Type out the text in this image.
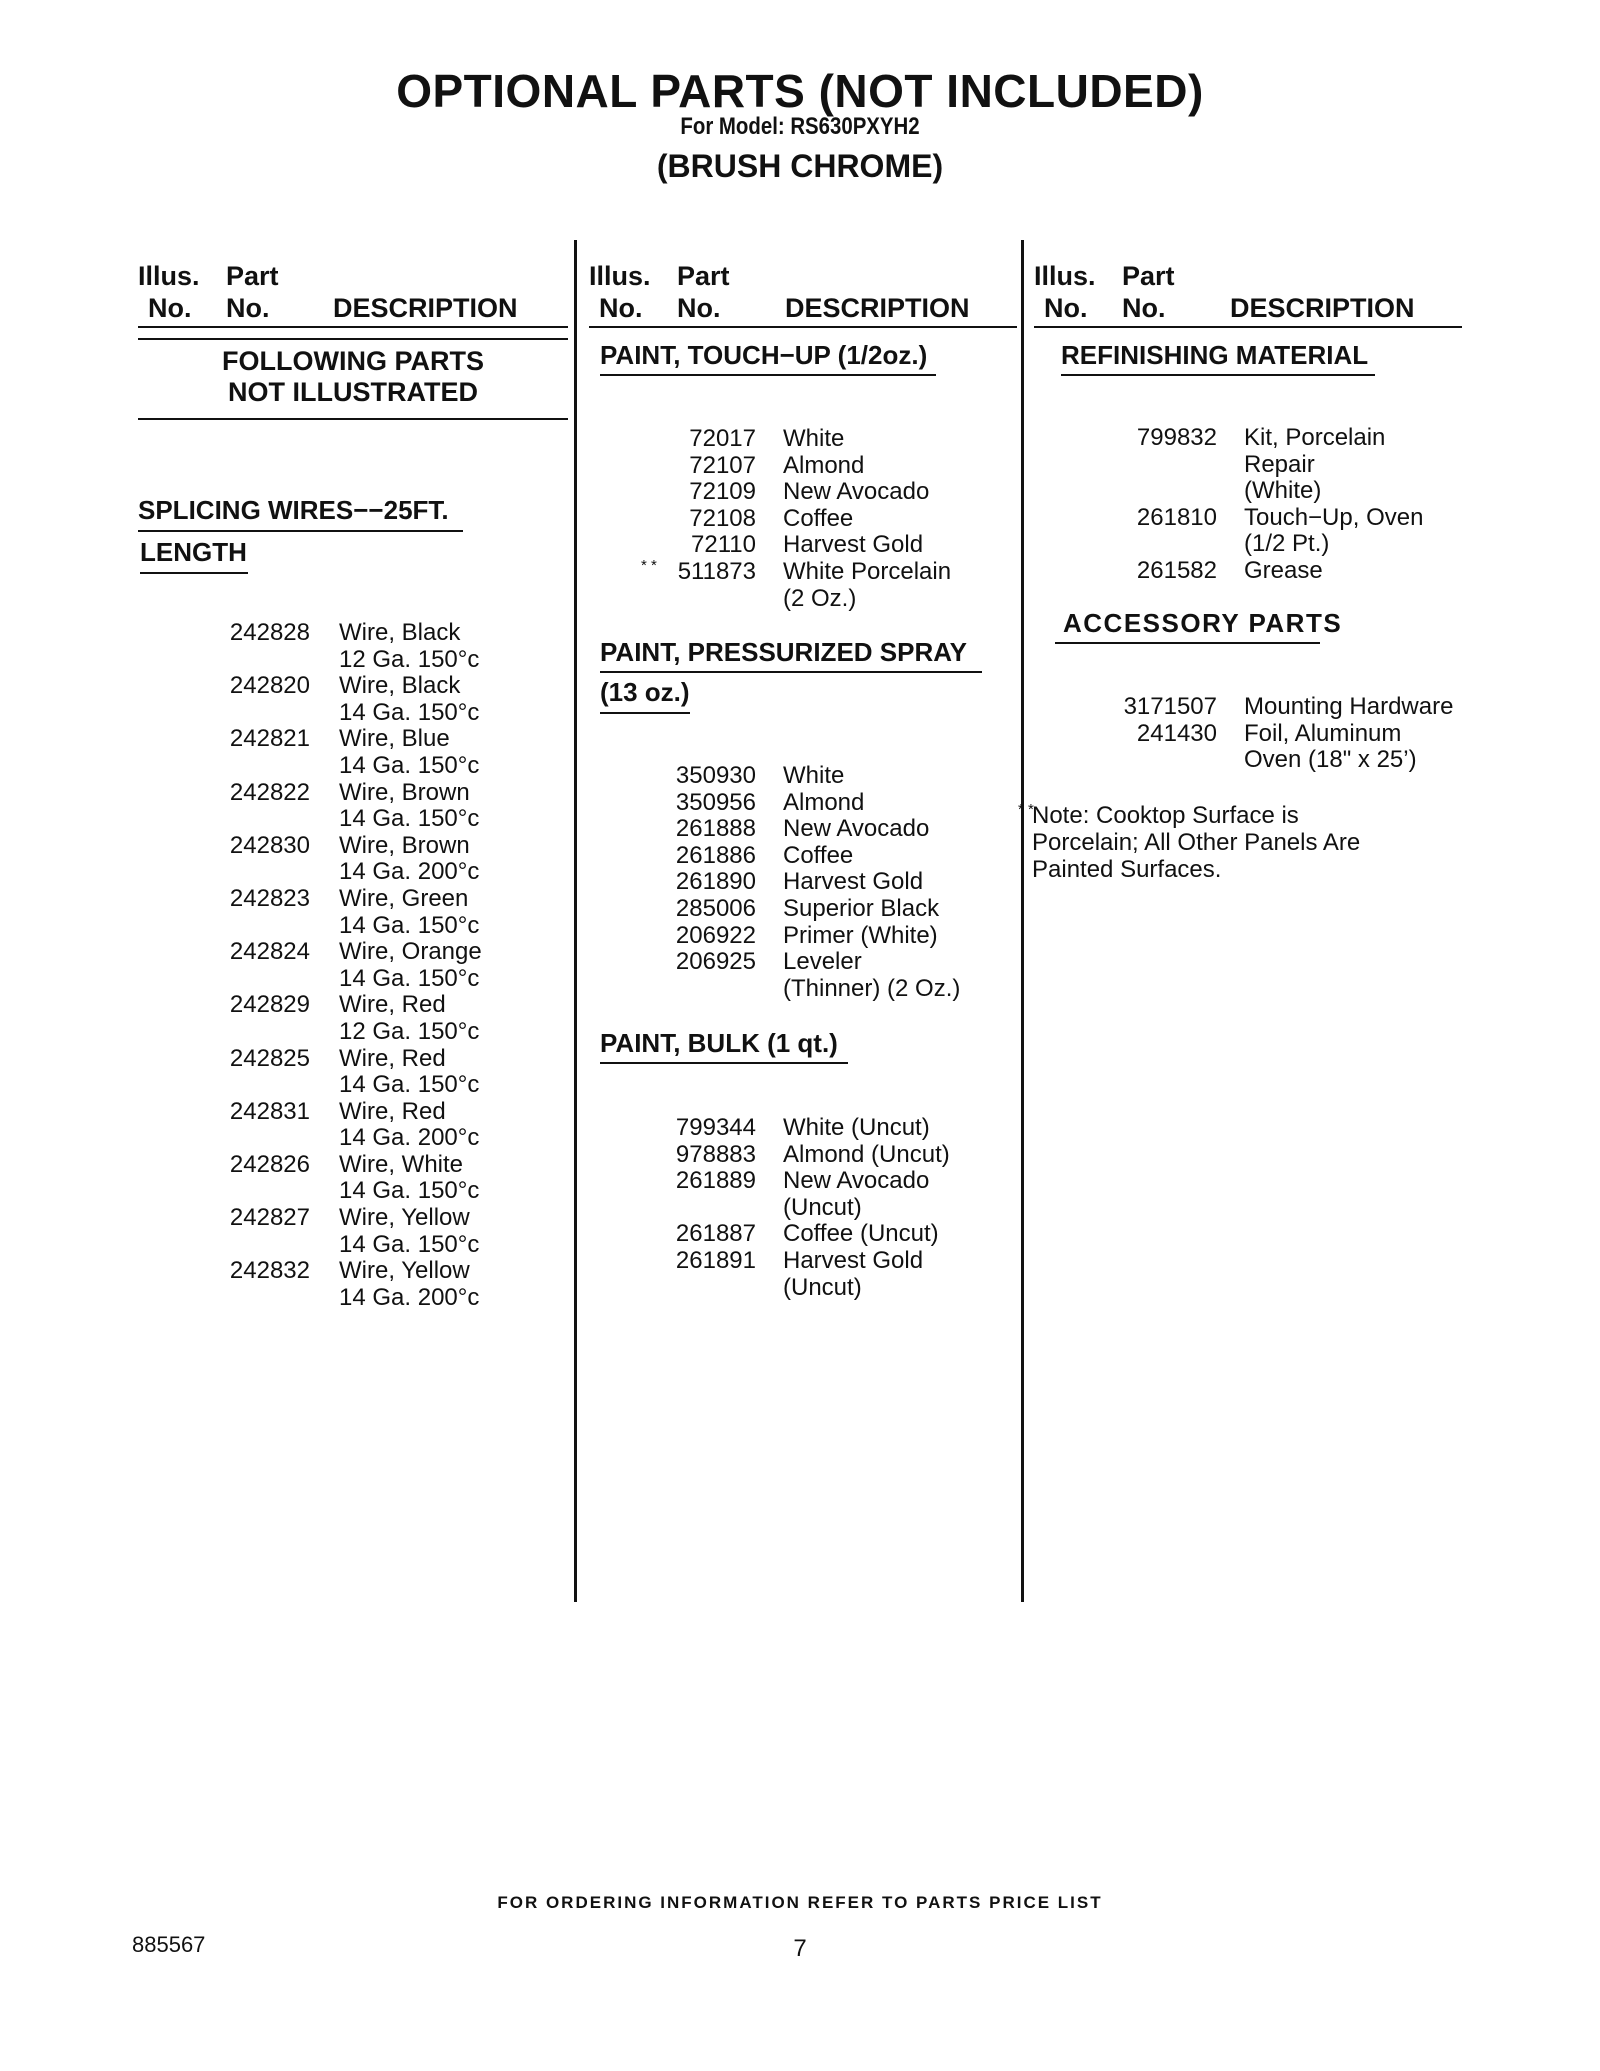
OPTIONAL PARTS (NOT INCLUDED)
For Model: RS630PXYH2
(BRUSH CHROME)
Illus.
No.
Part
No. DESCRIPTION
Illus.
No.
Part
No. DESCRIPTION
Illus.
No.
Part
No. DESCRIPTION
FOLLOWING PARTS
NOT ILLUSTRATED
SPLICING WIRES−−25FT.
LENGTH
242828 Wire, Black
12 Ga. 150°c
242820 Wire, Black
14 Ga. 150°c
242821 Wire, Blue
14 Ga. 150°c
242822 Wire, Brown
14 Ga. 150°c
242830 Wire, Brown
14 Ga. 200°c
242823 Wire, Green
14 Ga. 150°c
242824 Wire, Orange
14 Ga. 150°c
242829 Wire, Red
12 Ga. 150°c
242825 Wire, Red
14 Ga. 150°c
242831 Wire, Red
14 Ga. 200°c
242826 Wire, White
14 Ga. 150°c
242827 Wire, Yellow
14 Ga. 150°c
242832 Wire, Yellow
14 Ga. 200°c
PAINT, TOUCH−UP (1/2oz.)
72017 White
72107 Almond
72109 New Avocado
72108 Coffee
72110 Harvest Gold
511873
* *	White Porcelain
(2 Oz.)
PAINT, PRESSURIZED SPRAY
(13 oz.)
350930 White
350956 Almond
261888 New Avocado
261886 Coffee
261890 Harvest Gold
285006 Superior Black
206922 Primer (White)
206925 Leveler
(Thinner) (2 Oz.)
PAINT, BULK (1 qt.)
799344 White (Uncut)
978883 Almond (Uncut)
261889 New Avocado
(Uncut)
261887 Coffee (Uncut)
261891 Harvest Gold
(Uncut)
REFINISHING MATERIAL
799832 Kit, Porcelain
Repair
(White)
261810 Touch−Up, Oven
(1/2 Pt.)
261582 Grease
ACCESSORY PARTS
3171507 Mounting Hardware
241430 Foil, Aluminum
Oven (18" x 25’)
* *
Note: Cooktop Surface is
Porcelain; All Other Panels Are
Painted Surfaces.
FOR ORDERING INFORMATION REFER TO PARTS PRICE LIST
885567	7
